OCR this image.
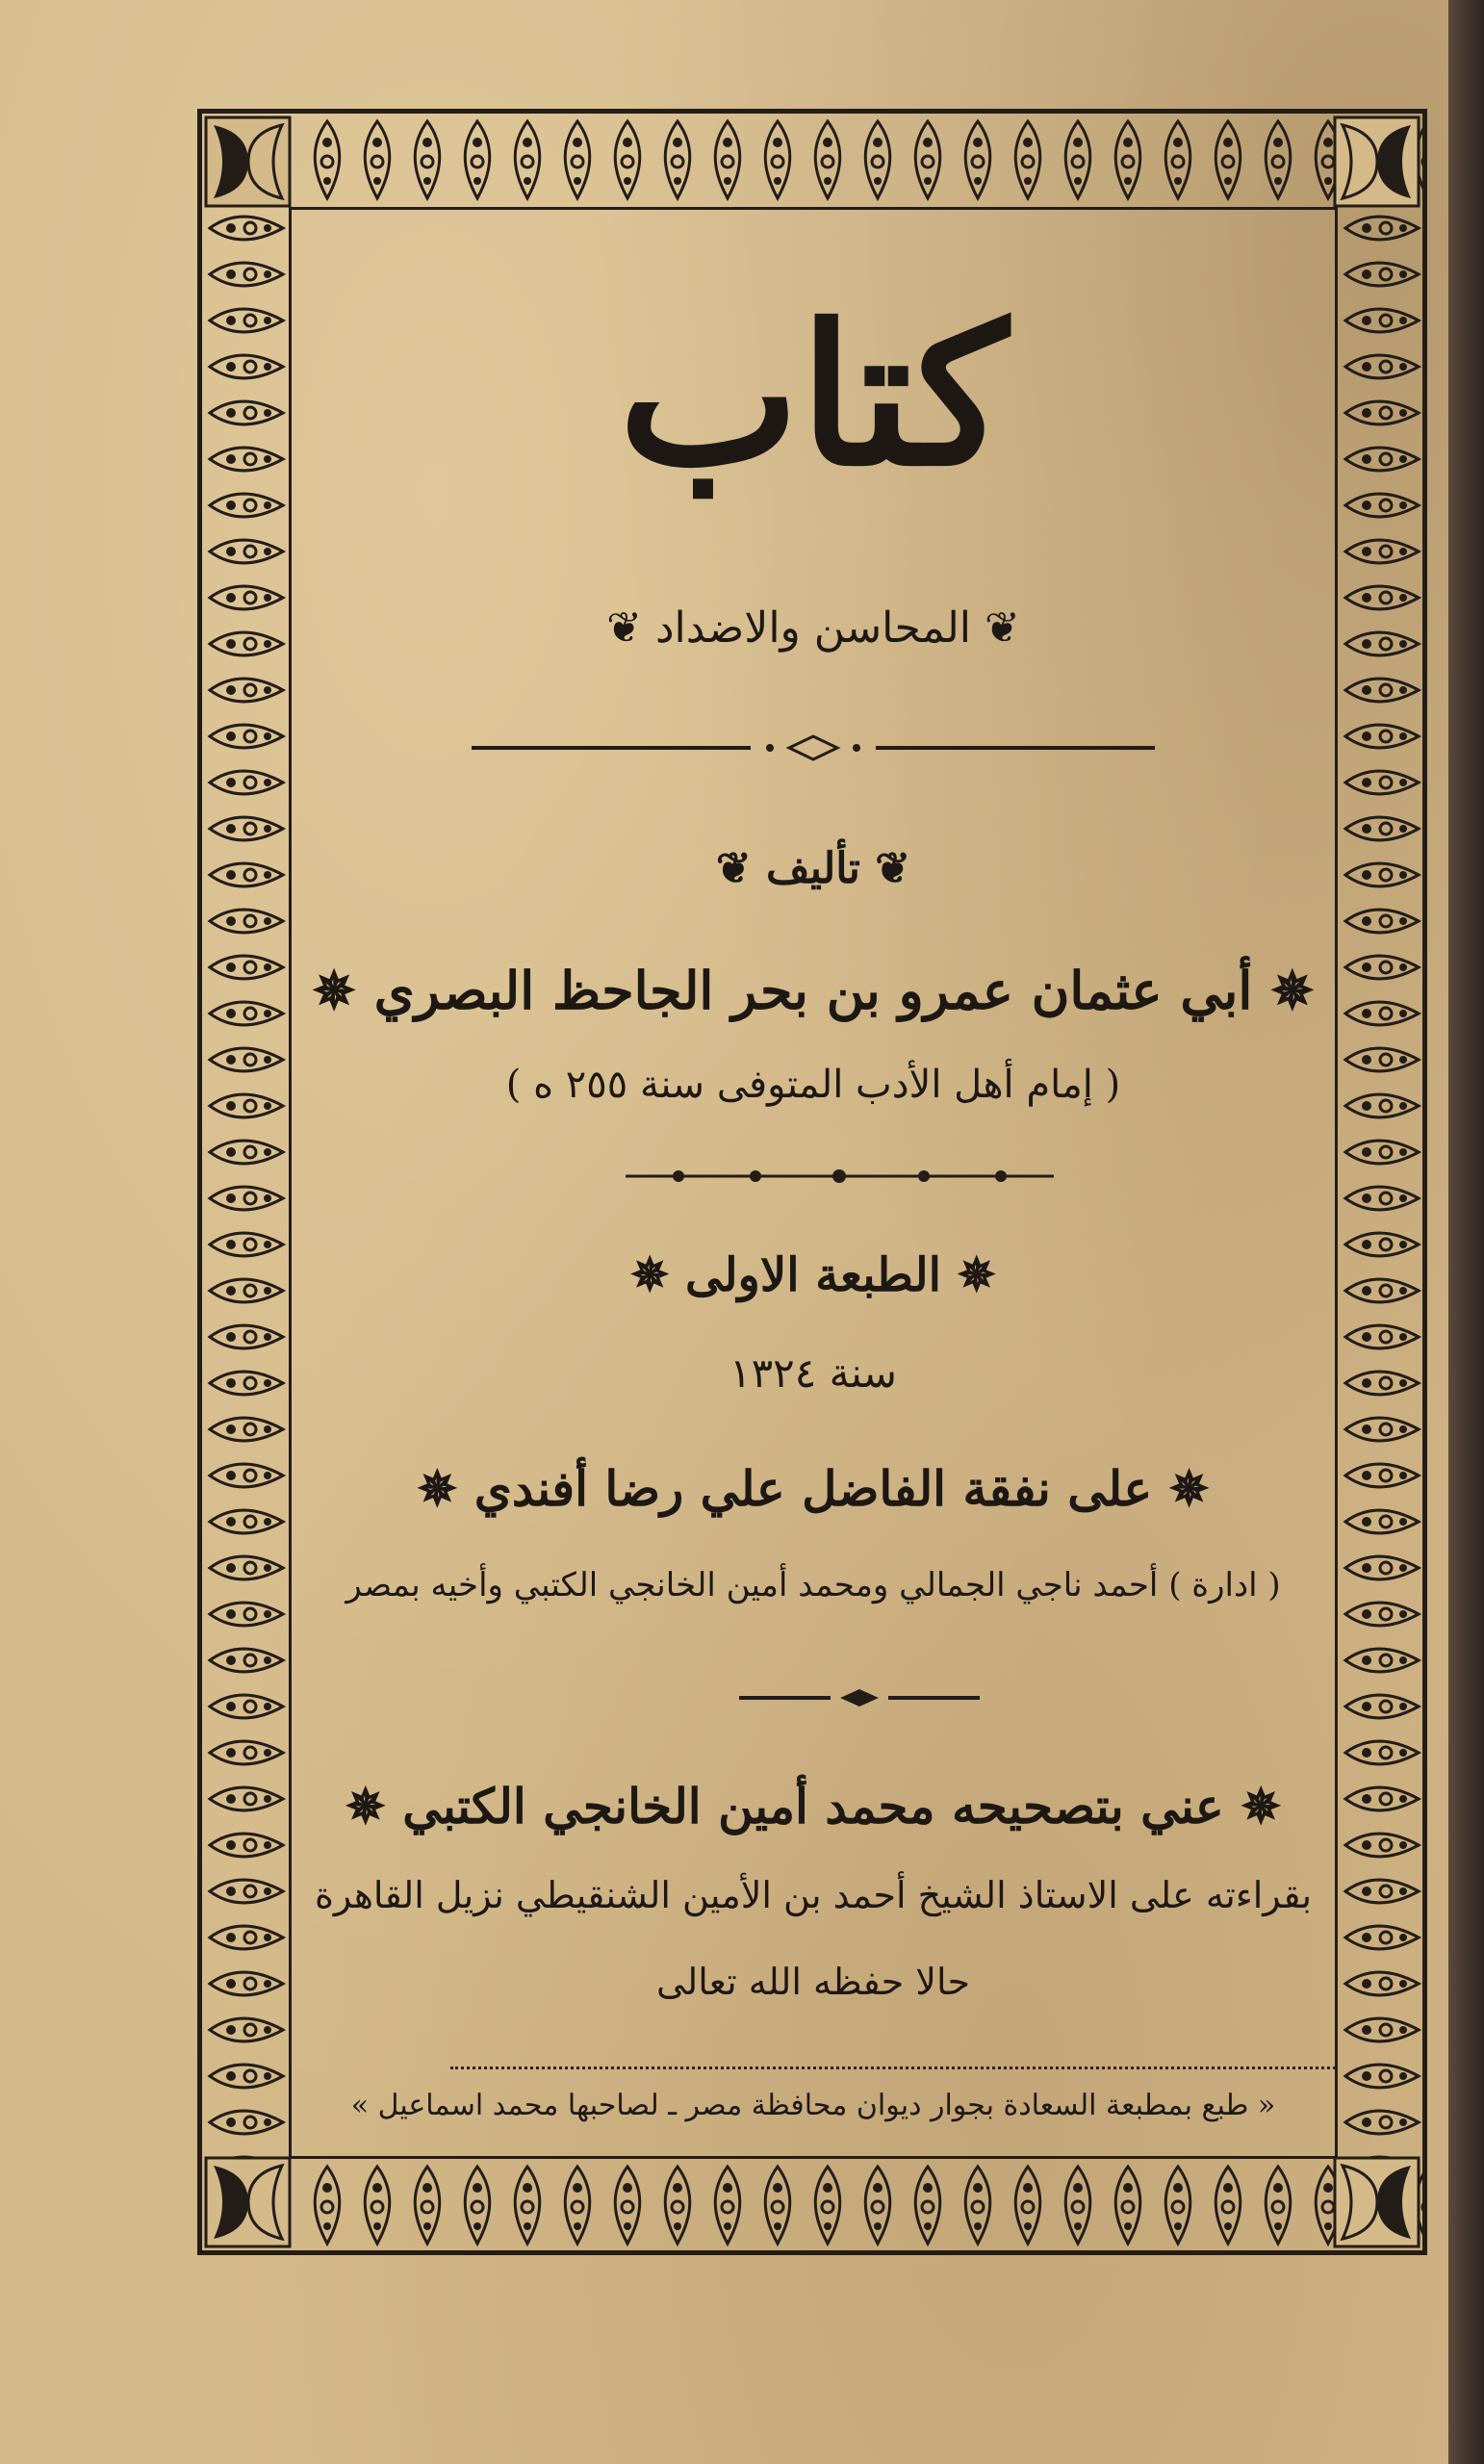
كتاب
❦ المحاسن والاضداد ❦
❦ تأليف ❦
✵ أبي عثمان عمرو بن بحر الجاحظ البصري ✵
( إمام أهل الأدب المتوفى سنة ٢٥٥ ه )
✵ الطبعة الاولى ✵
سنة ١٣٢٤
✵ على نفقة الفاضل علي رضا أفندي ✵
( ادارة ) أحمد ناجي الجمالي ومحمد أمين الخانجي الكتبي وأخيه بمصر
✵ عني بتصحيحه محمد أمين الخانجي الكتبي ✵
بقراءته على الاستاذ الشيخ أحمد بن الأمين الشنقيطي نزيل القاهرة
حالا حفظه الله تعالى
« طبع بمطبعة السعادة بجوار ديوان محافظة مصر ـ لصاحبها محمد اسماعيل »
